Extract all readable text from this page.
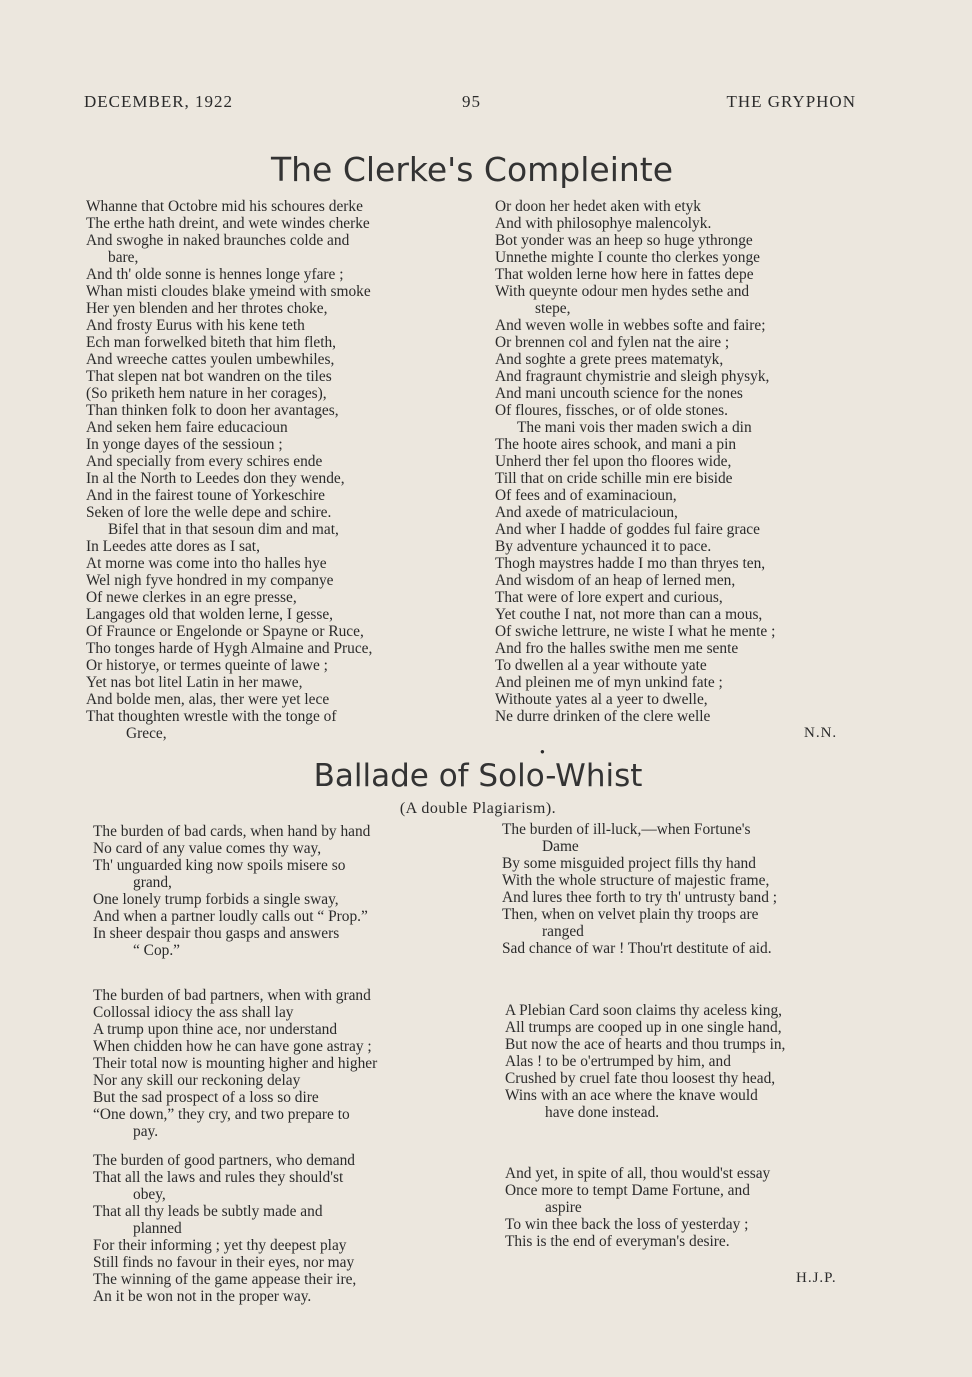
DECEMBER, 1922	95	THE GRYPHON
The Clerke's Compleinte
Whanne that Octobre mid his schoures derke
The erthe hath dreint, and wete windes cherke
And swoghe in naked braunches colde and
bare,
And th' olde sonne is hennes longe yfare ;
Whan misti cloudes blake ymeind with smoke
Her yen blenden and her throtes choke,
And frosty Eurus with his kene teth
Ech man forwelked biteth that him fleth,
And wreeche cattes youlen umbewhiles,
That slepen nat bot wandren on the tiles
(So priketh hem nature in her corages),
Than thinken folk to doon her avantages,
And seken hem faire educacioun
In yonge dayes of the sessioun ;
And specially from every schires ende
In al the North to Leedes don they wende,
And in the fairest toune of Yorkeschire
Seken of lore the welle depe and schire.
Bifel that in that sesoun dim and mat,
In Leedes atte dores as I sat,
At morne was come into tho halles hye
Wel nigh fyve hondred in my companye
Of newe clerkes in an egre presse,
Langages old that wolden lerne, I gesse,
Of Fraunce or Engelonde or Spayne or Ruce,
Tho tonges harde of Hygh Almaine and Pruce,
Or historye, or termes queinte of lawe ;
Yet nas bot litel Latin in her mawe,
And bolde men, alas, ther were yet lece
That thoughten wrestle with the tonge of
Grece,
Or doon her hedet aken with etyk
And with philosophye malencolyk.
Bot yonder was an heep so huge ythronge
Unnethe mighte I counte tho clerkes yonge
That wolden lerne how here in fattes depe
With queynte odour men hydes sethe and
stepe,
And weven wolle in webbes softe and faire;
Or brennen col and fylen nat the aire ;
And soghte a grete prees matematyk,
And fragraunt chymistrie and sleigh physyk,
And mani uncouth science for the nones
Of floures, fissches, or of olde stones.
The mani vois ther maden swich a din
The hoote aires schook, and mani a pin
Unherd ther fel upon tho floores wide,
Till that on cride schille min ere biside
Of fees and of examinacioun,
And axede of matriculacioun,
And wher I hadde of goddes ful faire grace
By adventure ychaunced it to pace.
Thogh maystres hadde I mo than thryes ten,
And wisdom of an heap of lerned men,
That were of lore expert and curious,
Yet couthe I nat, not more than can a mous,
Of swiche lettrure, ne wiste I what he mente ;
And fro the halles swithe men me sente
To dwellen al a year withoute yate
And pleinen me of myn unkind fate ;
Withoute yates al a yeer to dwelle,
Ne durre drinken of the clere welle
N.N.
●
Ballade of Solo-Whist
(A double Plagiarism).
The burden of bad cards, when hand by hand
No card of any value comes thy way,
Th' unguarded king now spoils misere so
grand,
One lonely trump forbids a single sway,
And when a partner loudly calls out “ Prop.”
In sheer despair thou gasps and answers
“ Cop.”
The burden of bad partners, when with grand
Collossal idiocy the ass shall lay
A trump upon thine ace, nor understand
When chidden how he can have gone astray ;
Their total now is mounting higher and higher
Nor any skill our reckoning delay
But the sad prospect of a loss so dire
“One down,” they cry, and two prepare to
pay.
The burden of good partners, who demand
That all the laws and rules they should'st
obey,
That all thy leads be subtly made and
planned
For their informing ; yet thy deepest play
Still finds no favour in their eyes, nor may
The winning of the game appease their ire,
An it be won not in the proper way.
The burden of ill-luck,—when Fortune's
Dame
By some misguided project fills thy hand
With the whole structure of majestic frame,
And lures thee forth to try th' untrusty band ;
Then, when on velvet plain thy troops are
ranged
Sad chance of war ! Thou'rt destitute of aid.
A Plebian Card soon claims thy aceless king,
All trumps are cooped up in one single hand,
But now the ace of hearts and thou trumps in,
Alas ! to be o'ertrumped by him, and
Crushed by cruel fate thou loosest thy head,
Wins with an ace where the knave would
have done instead.
And yet, in spite of all, thou would'st essay
Once more to tempt Dame Fortune, and
aspire
To win thee back the loss of yesterday ;
This is the end of everyman's desire.
H.J.P.
